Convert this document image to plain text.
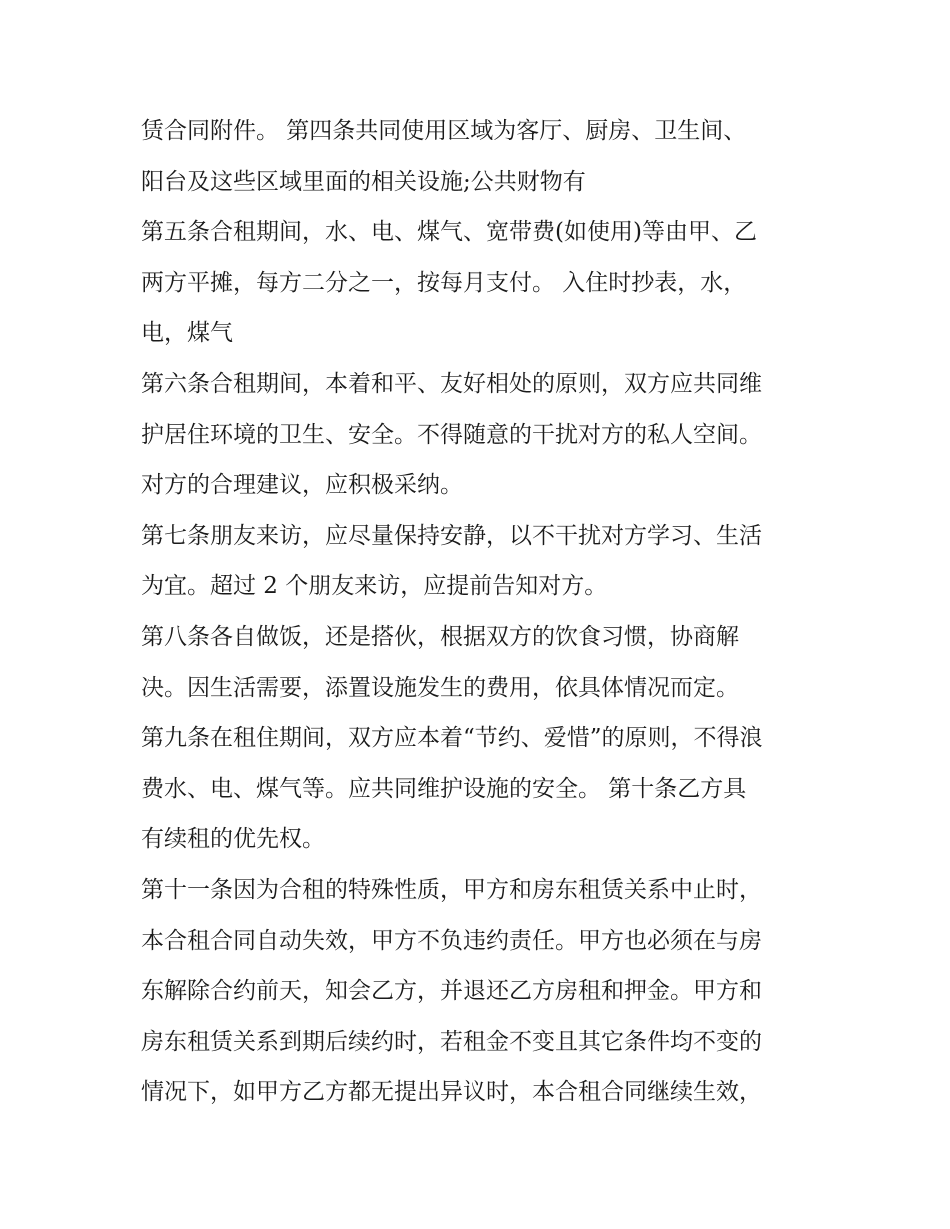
赁合同附件。 第四条共同使用区域为客厅、厨房、卫生间、
阳台及这些区域里面的相关设施;公共财物有
第五条合租期间，水、电、煤气、宽带费(如使用)等由甲、乙
两方平摊，每方二分之一，按每月支付。 入住时抄表，水，
电，煤气
第六条合租期间，本着和平、友好相处的原则，双方应共同维
护居住环境的卫生、安全。不得随意的干扰对方的私人空间。
对方的合理建议，应积极采纳。
第七条朋友来访，应尽量保持安静，以不干扰对方学习、生活
为宜。超过 2 个朋友来访，应提前告知对方。
第八条各自做饭，还是搭伙，根据双方的饮食习惯，协商解
决。因生活需要，添置设施发生的费用，依具体情况而定。
第九条在租住期间，双方应本着“节约、爱惜”的原则，不得浪
费水、电、煤气等。应共同维护设施的安全。 第十条乙方具
有续租的优先权。
第十一条因为合租的特殊性质，甲方和房东租赁关系中止时，
本合租合同自动失效，甲方不负违约责任。甲方也必须在与房
东解除合约前天，知会乙方，并退还乙方房租和押金。甲方和
房东租赁关系到期后续约时，若租金不变且其它条件均不变的
情况下，如甲方乙方都无提出异议时，本合租合同继续生效，
